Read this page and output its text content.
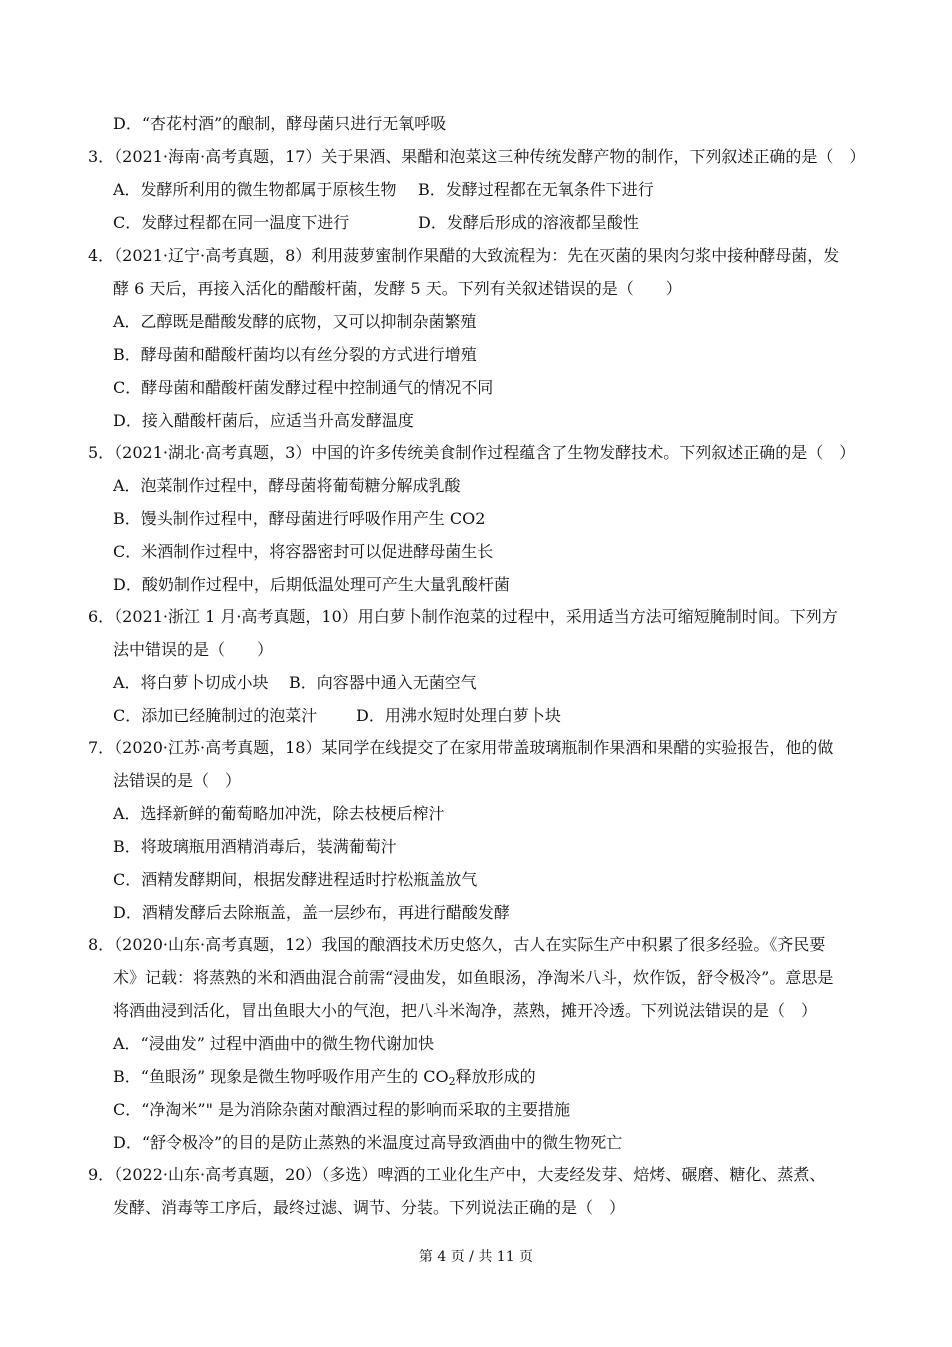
D．“杏花村酒”的酿制，酵母菌只进行无氧呼吸
3．（2021·海南·高考真题，17）关于果酒、果醋和泡菜这三种传统发酵产物的制作，下列叙述正确的是（　）
A．发酵所利用的微生物都属于原核生物 B．发酵过程都在无氧条件下进行
C．发酵过程都在同一温度下进行	D．发酵后形成的溶液都呈酸性
4．（2021·辽宁·高考真题，8）利用菠萝蜜制作果醋的大致流程为：先在灭菌的果肉匀浆中接种酵母菌，发
酵 6 天后，再接入活化的醋酸杆菌，发酵 5 天。下列有关叙述错误的是（　　）
A．乙醇既是醋酸发酵的底物，又可以抑制杂菌繁殖
B．酵母菌和醋酸杆菌均以有丝分裂的方式进行增殖
C．酵母菌和醋酸杆菌发酵过程中控制通气的情况不同
D．接入醋酸杆菌后，应适当升高发酵温度
5．（2021·湖北·高考真题，3）中国的许多传统美食制作过程蕴含了生物发酵技术。下列叙述正确的是（　）
A．泡菜制作过程中，酵母菌将葡萄糖分解成乳酸
B．馒头制作过程中，酵母菌进行呼吸作用产生 CO2
C．米酒制作过程中，将容器密封可以促进酵母菌生长
D．酸奶制作过程中，后期低温处理可产生大量乳酸杆菌
6．（2021·浙江 1 月·高考真题，10）用白萝卜制作泡菜的过程中，采用适当方法可缩短腌制时间。下列方
法中错误的是（　　）
A．将白萝卜切成小块 B．向容器中通入无菌空气
C．添加已经腌制过的泡菜汁 D．用沸水短时处理白萝卜块
7．（2020·江苏·高考真题，18）某同学在线提交了在家用带盖玻璃瓶制作果酒和果醋的实验报告，他的做
法错误的是（　）
A．选择新鲜的葡萄略加冲洗，除去枝梗后榨汁
B．将玻璃瓶用酒精消毒后，装满葡萄汁
C．酒精发酵期间，根据发酵进程适时拧松瓶盖放气
D．酒精发酵后去除瓶盖，盖一层纱布，再进行醋酸发酵
8．（2020·山东·高考真题，12）我国的酿酒技术历史悠久，古人在实际生产中积累了很多经验。《齐民要
术》记载：将蒸熟的米和酒曲混合前需“浸曲发，如鱼眼汤，净淘米八斗，炊作饭，舒令极冷”。意思是
将酒曲浸到活化，冒出鱼眼大小的气泡，把八斗米淘净，蒸熟，摊开冷透。下列说法错误的是（　）
A．“浸曲发” 过程中酒曲中的微生物代谢加快
B．“鱼眼汤” 现象是微生物呼吸作用产生的 $CO_2$释放形成的
C．“净淘米”" 是为消除杂菌对酿酒过程的影响而采取的主要措施
D．“舒令极冷”的目的是防止蒸熟的米温度过高导致酒曲中的微生物死亡
9．（2022·山东·高考真题，20）（多选）啤酒的工业化生产中，大麦经发芽、焙烤、碾磨、糖化、蒸煮、
发酵、消毒等工序后，最终过滤、调节、分装。下列说法正确的是（　）
第 4 页 / 共 11 页
